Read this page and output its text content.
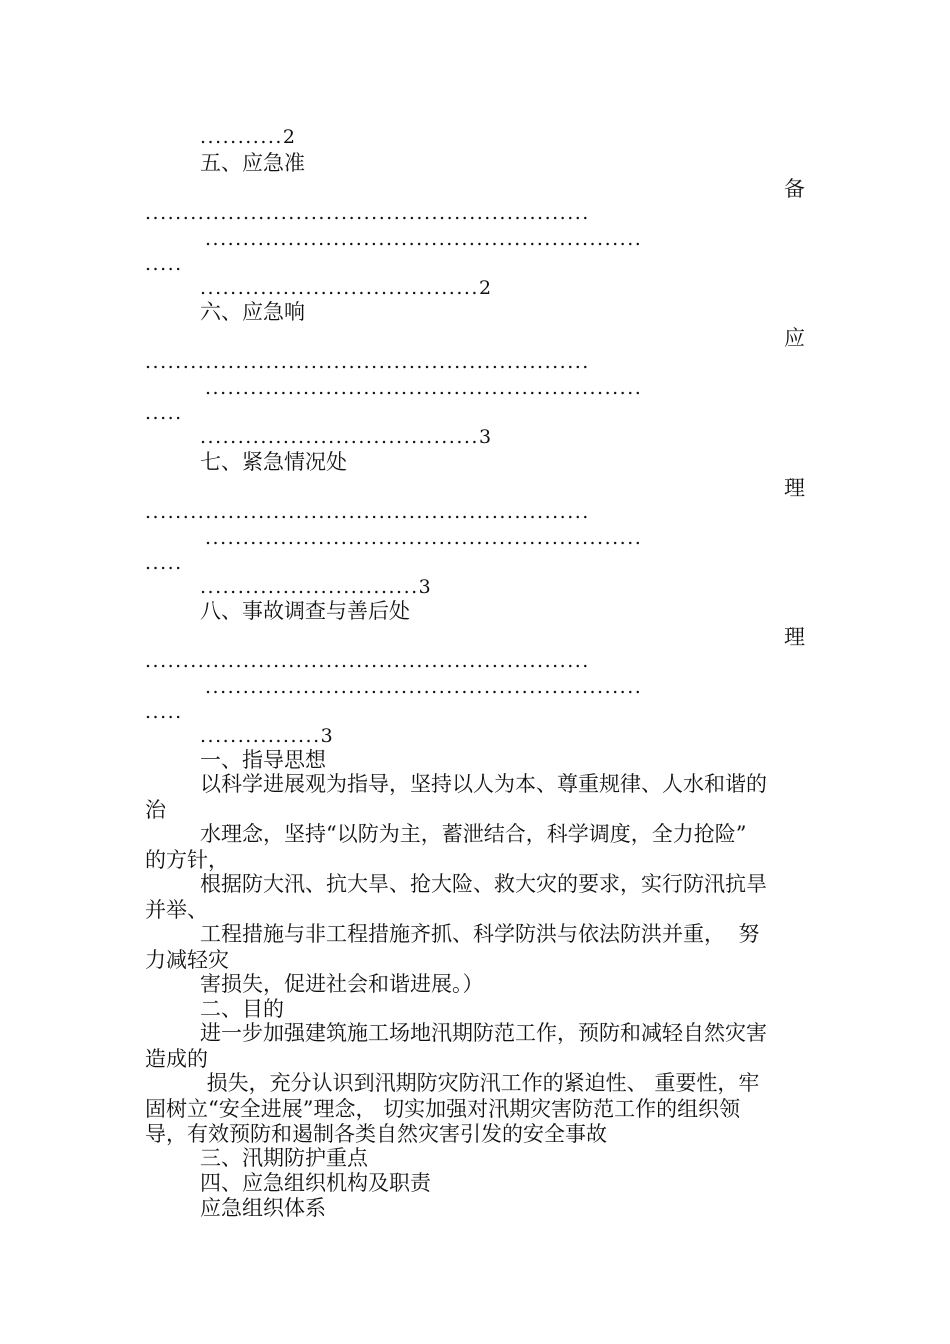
...........2
五、应急准
备
...........................................................
..........................................................
.....
.....................................2
六、应急响
应
...........................................................
..........................................................
.....
.....................................3
七、紧急情况处
理
...........................................................
..........................................................
.....
.............................3
八、事故调查与善后处
理
...........................................................
..........................................................
.....
................3
一、指导思想
以科学进展观为指导，坚持以人为本、尊重规律、人水和谐的
治
水理念，坚持“以防为主，蓄泄结合，科学调度，全力抢险”
的方针，
根据防大汛、抗大旱、抢大险、救大灾的要求，实行防汛抗旱
并举、
工程措施与非工程措施齐抓、科学防洪与依法防洪并重，  努
力减轻灾
害损失，促进社会和谐进展。）
二、目的
进一步加强建筑施工场地汛期防范工作，预防和减轻自然灾害
造成的
损失，充分认识到汛期防灾防汛工作的紧迫性、 重要性，牢
固树立“安全进展”理念， 切实加强对汛期灾害防范工作的组织领
导，有效预防和遏制各类自然灾害引发的安全事故
三、汛期防护重点
四、应急组织机构及职责
应急组织体系
